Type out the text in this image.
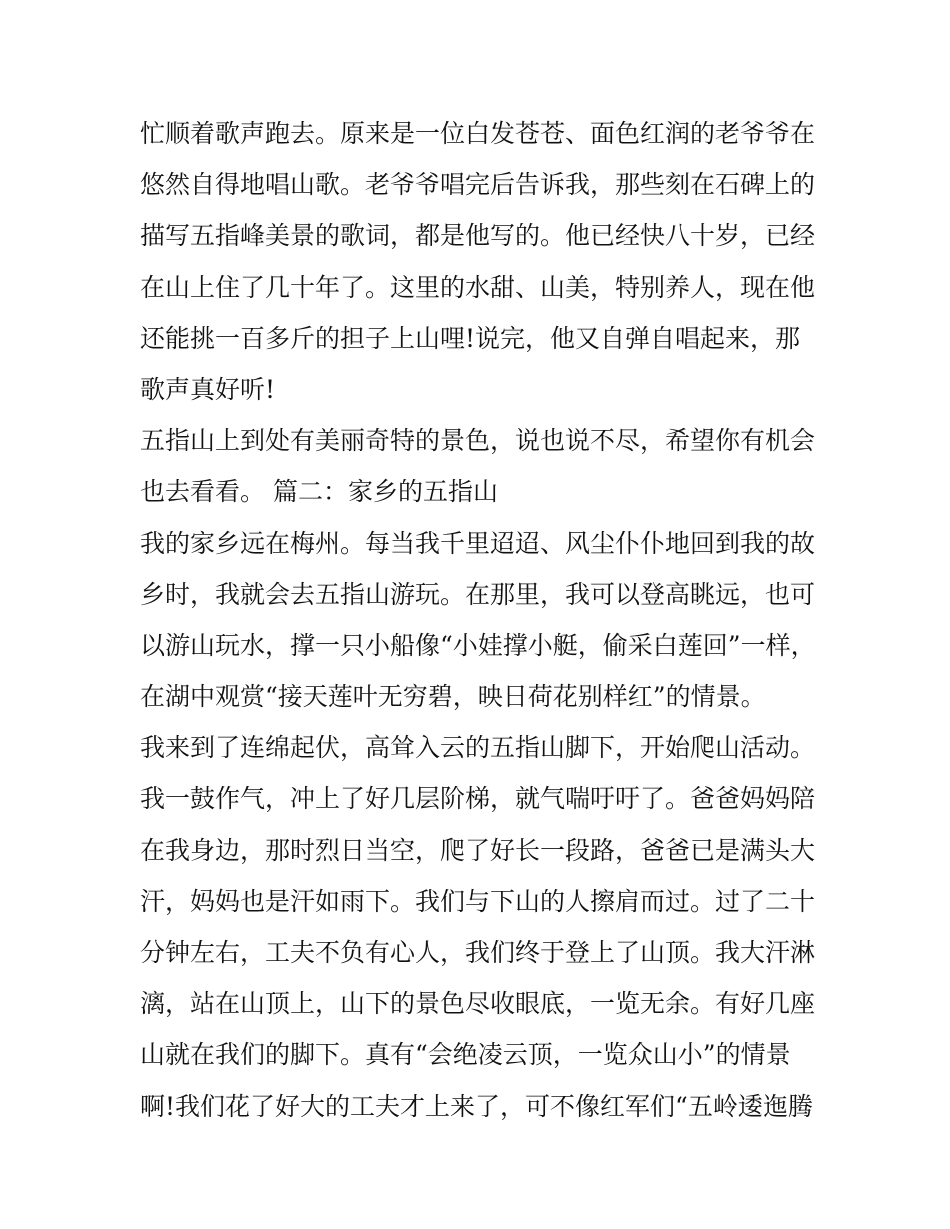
忙顺着歌声跑去。原来是一位白发苍苍、面色红润的老爷爷在
悠然自得地唱山歌。老爷爷唱完后告诉我，那些刻在石碑上的
描写五指峰美景的歌词，都是他写的。他已经快八十岁，已经
在山上住了几十年了。这里的水甜、山美，特别养人，现在他
还能挑一百多斤的担子上山哩!说完，他又自弹自唱起来，那
歌声真好听!
五指山上到处有美丽奇特的景色，说也说不尽，希望你有机会
也去看看。 篇二：家乡的五指山
我的家乡远在梅州。每当我千里迢迢、风尘仆仆地回到我的故
乡时，我就会去五指山游玩。在那里，我可以登高眺远，也可
以游山玩水，撑一只小船像“小娃撑小艇，偷采白莲回”一样，
在湖中观赏“接天莲叶无穷碧，映日荷花别样红”的情景。
我来到了连绵起伏，高耸入云的五指山脚下，开始爬山活动。
我一鼓作气，冲上了好几层阶梯，就气喘吁吁了。爸爸妈妈陪
在我身边，那时烈日当空，爬了好长一段路，爸爸已是满头大
汗，妈妈也是汗如雨下。我们与下山的人擦肩而过。过了二十
分钟左右，工夫不负有心人，我们终于登上了山顶。我大汗淋
漓，站在山顶上，山下的景色尽收眼底，一览无余。有好几座
山就在我们的脚下。真有“会绝凌云顶，一览众山小”的情景
啊!我们花了好大的工夫才上来了，可不像红军们“五岭逶迤腾
